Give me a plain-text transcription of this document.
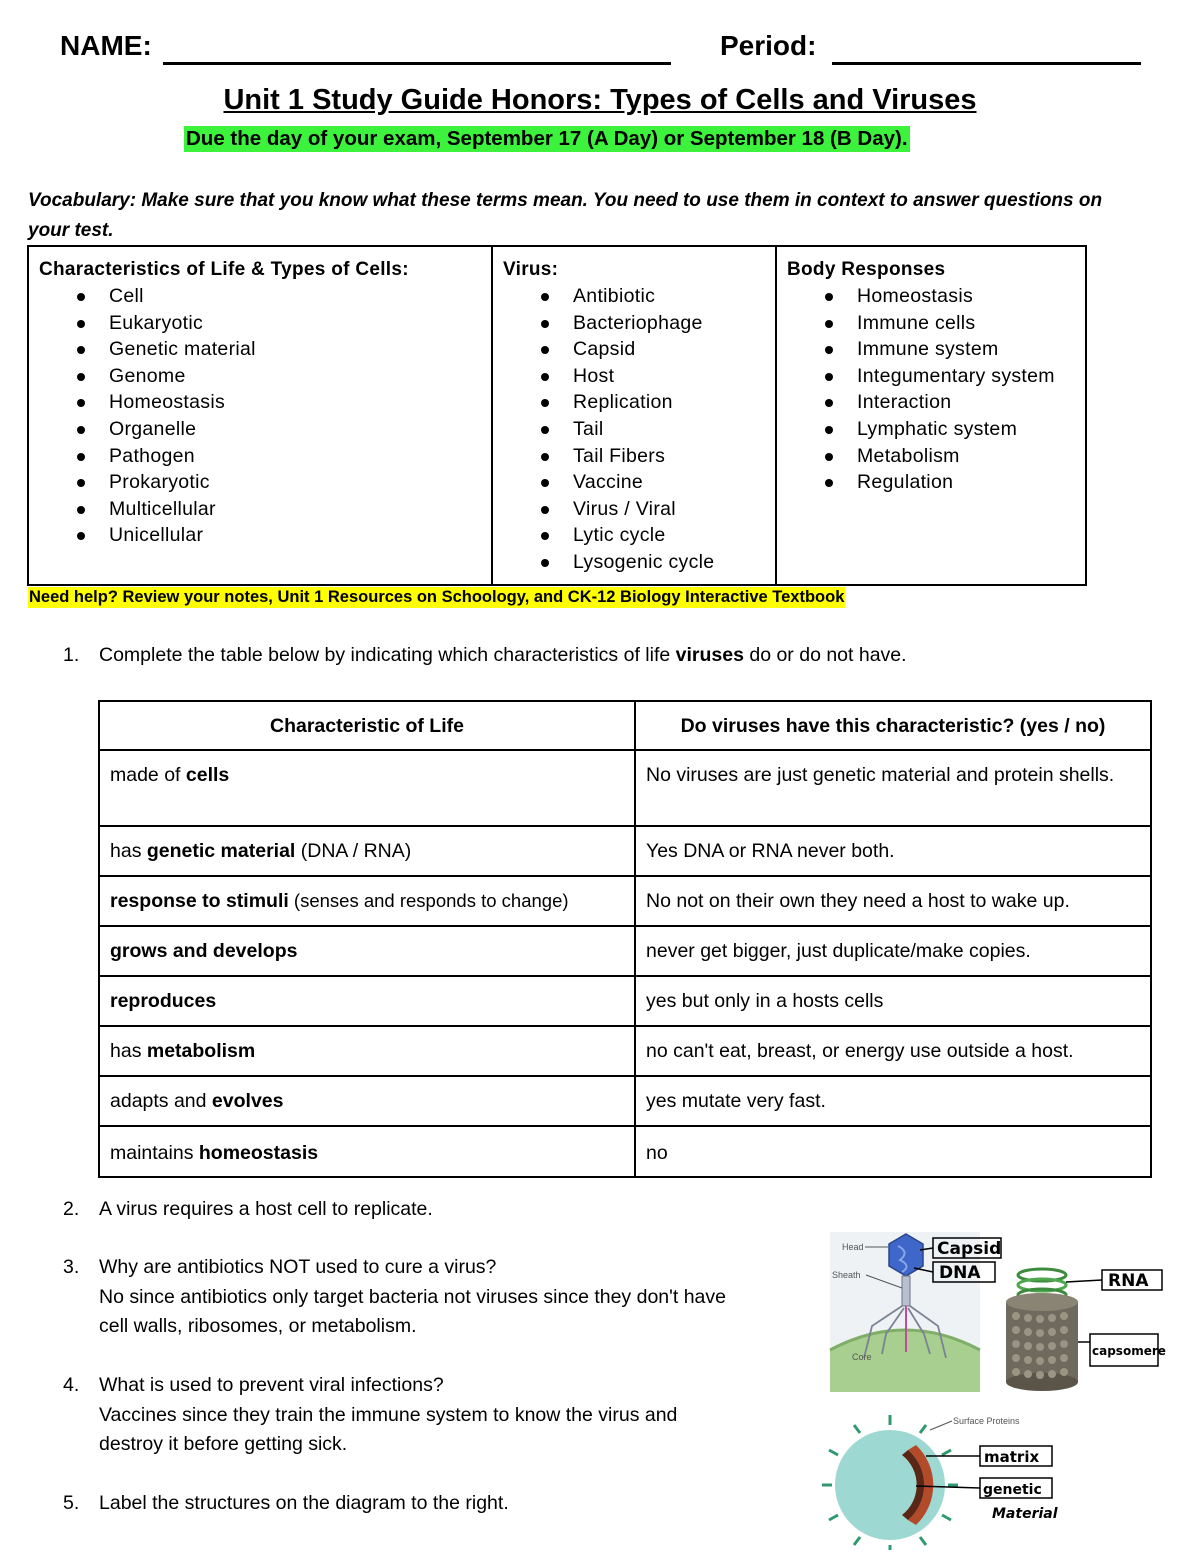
NAME:	Period:
Unit 1 Study Guide Honors: Types of Cells and Viruses
Due the day of your exam, September 17 (A Day) or September 18 (B Day).
Vocabulary: Make sure that you know what these terms mean. You need to use them in context to answer questions on your test.
Characteristics of Life & Types of Cells:
Cell
Eukaryotic
Genetic material
Genome
Homeostasis
Organelle
Pathogen
Prokaryotic
Multicellular
Unicellular

Virus:
Antibiotic
Bacteriophage
Capsid
Host
Replication
Tail
Tail Fibers
Vaccine
Virus / Viral
Lytic cycle
Lysogenic cycle

Body Responses
Homeostasis
Immune cells
Immune system
Integumentary system
Interaction
Lymphatic system
Metabolism
Regulation
Need help? Review your notes, Unit 1 Resources on Schoology, and CK-12 Biology Interactive Textbook
1. Complete the table below by indicating which characteristics of life viruses do or do not have.
Characteristic of Life	Do viruses have this characteristic? (yes / no)
made of cells	No viruses are just genetic material and protein shells.
has genetic material (DNA / RNA)	Yes DNA or RNA never both.
response to stimuli (senses and responds to change)	No not on their own they need a host to wake up.
grows and develops	never get bigger, just duplicate/make copies.
reproduces	yes but only in a hosts cells
has metabolism	no can't eat, breast, or energy use outside a host.
adapts and evolves	yes mutate very fast.
maintains homeostasis	no
2. A virus requires a host cell to replicate.
3. Why are antibiotics NOT used to cure a virus?
No since antibiotics only target bacteria not viruses since they don't have
cell walls, ribosomes, or metabolism.
4. What is used to prevent viral infections?
Vaccines since they train the immune system to know the virus and
destroy it before getting sick.
5. Label the structures on the diagram to the right.
Head
Sheath
Core
Capsid
DNA	RNA
capsomere
Surface Proteins
matrix
genetic
Material
